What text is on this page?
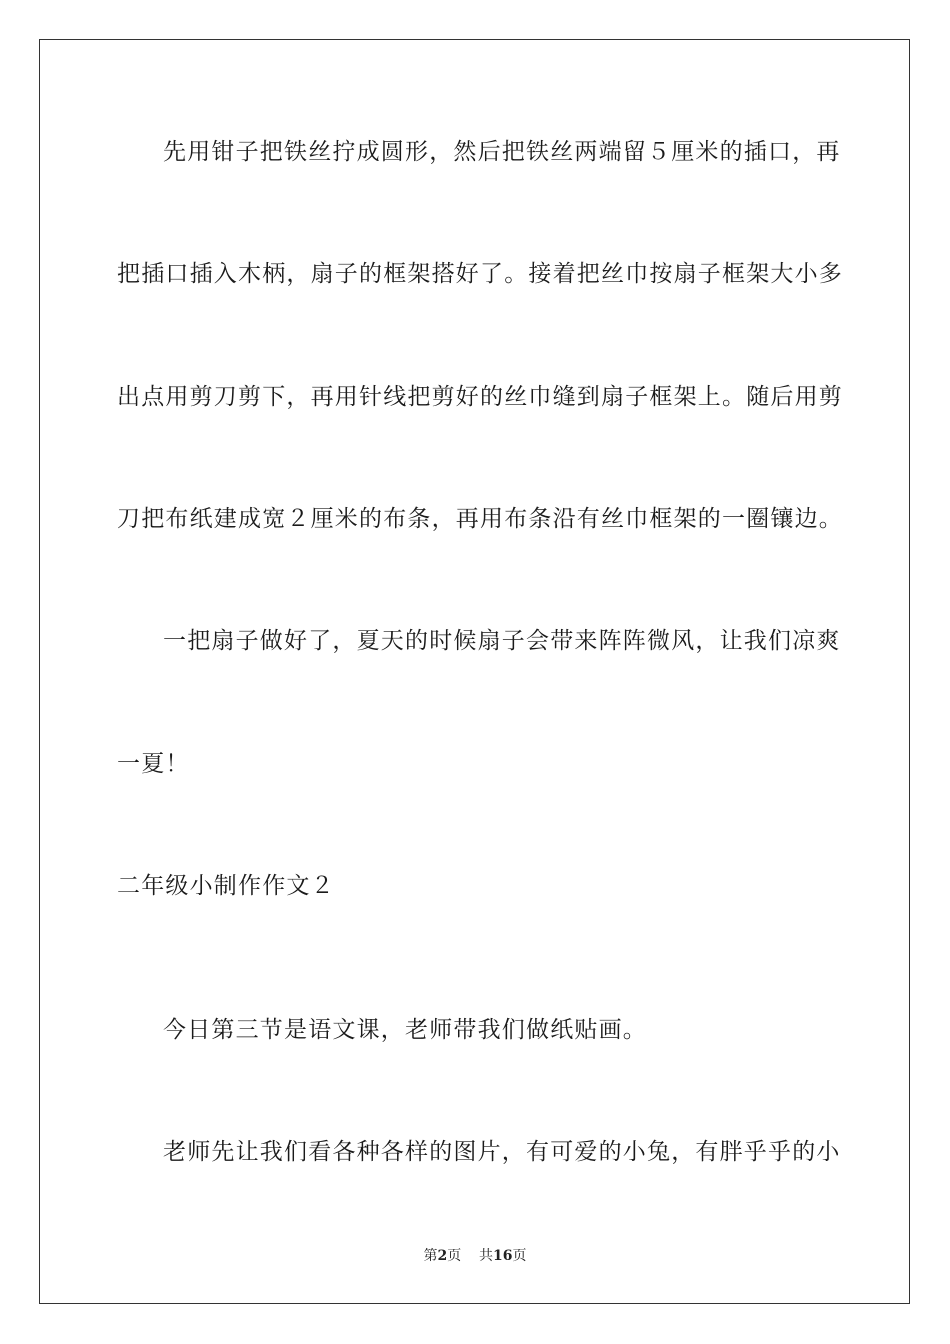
先用钳子把铁丝拧成圆形，然后把铁丝两端留５厘米的插口，再
把插口插入木柄，扇子的框架搭好了。接着把丝巾按扇子框架大小多
出点用剪刀剪下，再用针线把剪好的丝巾缝到扇子框架上。随后用剪
刀把布纸建成宽２厘米的布条，再用布条沿有丝巾框架的一圈镶边。
一把扇子做好了，夏天的时候扇子会带来阵阵微风，让我们凉爽
一夏！
二年级小制作作文２
今日第三节是语文课，老师带我们做纸贴画。
老师先让我们看各种各样的图片，有可爱的小兔，有胖乎乎的小
第2页 共16页
